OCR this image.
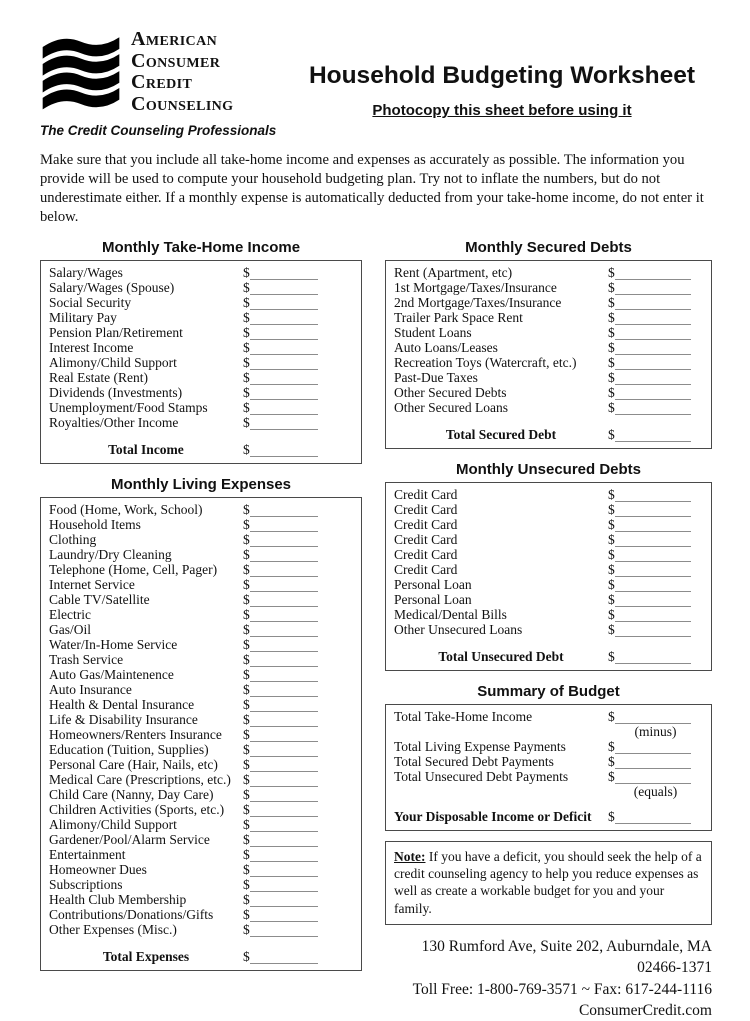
American
Consumer
Credit
Counseling
The Credit Counseling Professionals
Household Budgeting Worksheet
Photocopy this sheet before using it

Make sure that you include all take-home income and expenses as accurately as possible. The information you provide will be used to compute your household budgeting plan. Try not to inflate the numbers, but do not underestimate either. If a monthly expense is automatically deducted from your take-home income, do not enter it below.

Monthly Take-Home Income
Salary/Wages	$
Salary/Wages (Spouse)	$
Social Security	$
Military Pay	$
Pension Plan/Retirement	$
Interest Income	$
Alimony/Child Support	$
Real Estate (Rent)	$
Dividends (Investments)	$
Unemployment/Food Stamps	$
Royalties/Other Income	$
Total Income	$
Monthly Living Expenses
Food (Home, Work, School)	$
Household Items	$
Clothing	$
Laundry/Dry Cleaning	$
Telephone (Home, Cell, Pager)	$
Internet Service	$
Cable TV/Satellite	$
Electric	$
Gas/Oil	$
Water/In-Home Service	$
Trash Service	$
Auto Gas/Maintenence	$
Auto Insurance	$
Health & Dental Insurance	$
Life & Disability Insurance	$
Homeowners/Renters Insurance	$
Education (Tuition, Supplies)	$
Personal Care (Hair, Nails, etc)	$
Medical Care (Prescriptions, etc.) $
Child Care (Nanny, Day Care)	$
Children Activities (Sports, etc.)	$
Alimony/Child Support	$
Gardener/Pool/Alarm Service	$
Entertainment	$
Homeowner Dues	$
Subscriptions	$
Health Club Membership	$
Contributions/Donations/Gifts	$
Other Expenses (Misc.)	$
Total Expenses	$
Monthly Secured Debts
Rent (Apartment, etc)	$
1st Mortgage/Taxes/Insurance	$
2nd Mortgage/Taxes/Insurance	$
Trailer Park Space Rent	$
Student Loans	$
Auto Loans/Leases	$
Recreation Toys (Watercraft, etc.)	$
Past-Due Taxes	$
Other Secured Debts	$
Other Secured Loans	$
Total Secured Debt	$
Monthly Unsecured Debts
Credit Card	$
Credit Card	$
Credit Card	$
Credit Card	$
Credit Card	$
Credit Card	$
Personal Loan	$
Personal Loan	$
Medical/Dental Bills	$
Other Unsecured Loans	$
Total Unsecured Debt	$
Summary of Budget
Total Take-Home Income	$
(minus)
Total Living Expense Payments	$
Total Secured Debt Payments	$
Total Unsecured Debt Payments	$
(equals)
Your Disposable Income or Deficit	$
Note: If you have a deficit, you should seek the help of a credit counseling agency to help you reduce expenses as well as create a workable budget for you and your family.
130 Rumford Ave, Suite 202, Auburndale, MA 02466-1371
Toll Free: 1-800-769-3571 ~ Fax: 617-244-1116
ConsumerCredit.com
